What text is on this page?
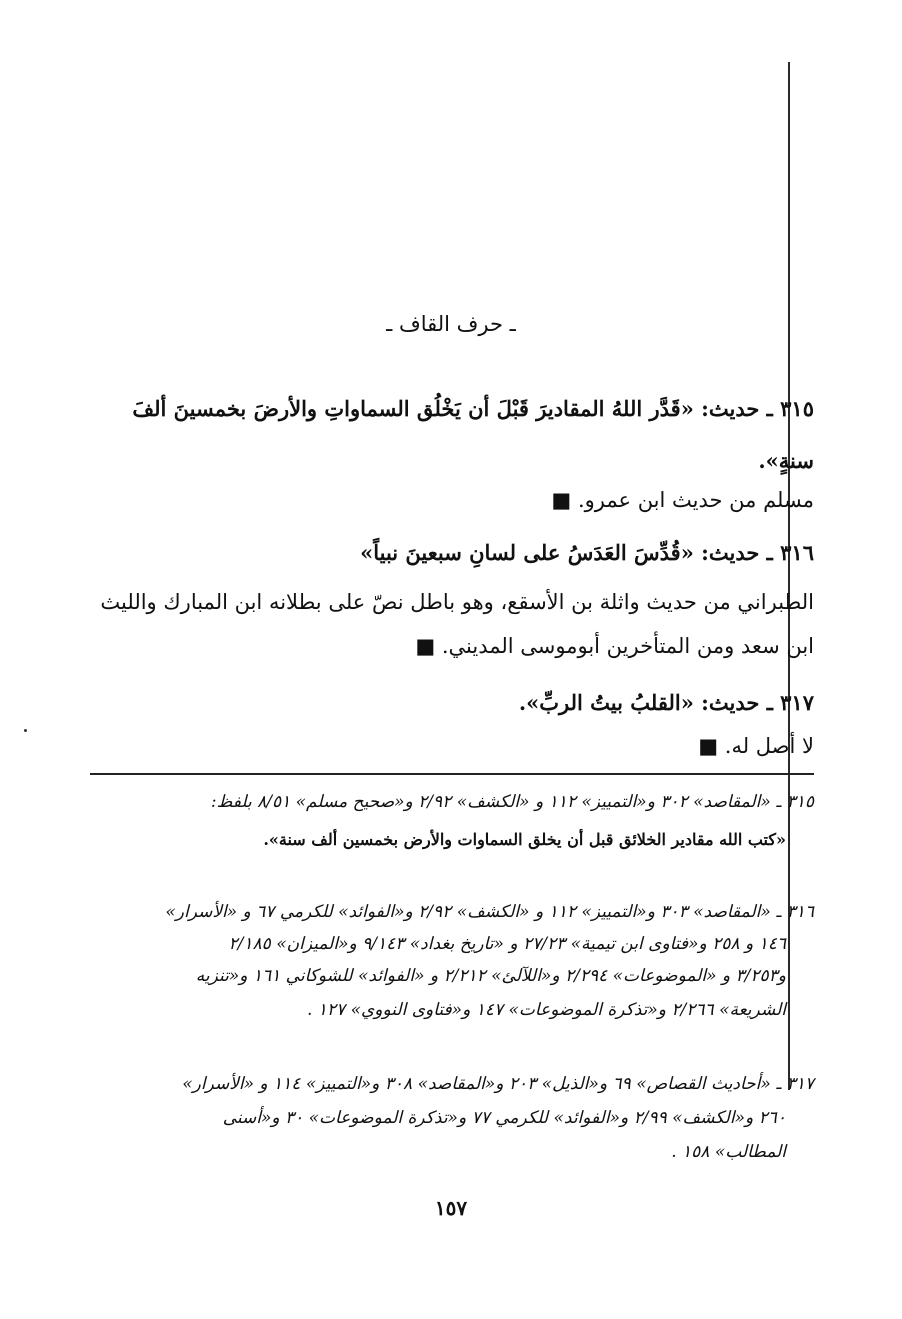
ـ حرف القاف ـ
٣١٥ ـ حديث: «قَدَّر اللهُ المقاديرَ قَبْلَ أن يَخْلُق السماواتِ والأرضَ بخمسينَ ألفَ
سنةٍ».
مسلم من حديث ابن عمرو. ■
٣١٦ ـ حديث: «قُدِّسَ العَدَسُ على لسانِ سبعينَ نبياً»
الطبراني من حديث واثلة بن الأسقع، وهو باطل نصّ على بطلانه ابن المبارك والليث
ابن سعد ومن المتأخرين أبوموسى المديني. ■
٣١٧ ـ حديث: «القلبُ بيتُ الربِّ».
لا أصل له. ■
٣١٥ ـ «المقاصد» ٣٠٢ و«التمييز» ١١٢ و «الكشف» ٢/٩٢ و«صحيح مسلم» ٨/٥١ بلفظ:
«كتب الله مقادير الخلائق قبل أن يخلق السماوات والأرض بخمسين ألف سنة».
٣١٦ ـ «المقاصد» ٣٠٣ و«التمييز» ١١٢ و «الكشف» ٢/٩٢ و«الفوائد» للكرمي ٦٧ و «الأسرار»
١٤٦ و ٢٥٨ و«فتاوى ابن تيمية» ٢٧/٢٣ و «تاريخ بغداد» ٩/١٤٣ و«الميزان» ٢/١٨٥
و٣/٢٥٣ و «الموضوعات» ٢/٢٩٤ و«اللآلئ» ٢/٢١٢ و «الفوائد» للشوكاني ١٦١ و«تنزيه
الشريعة» ٢/٢٦٦ و«تذكرة الموضوعات» ١٤٧ و«فتاوى النووي» ١٢٧ .
٣١٧ ـ «أحاديث القصاص» ٦٩ و«الذيل» ٢٠٣ و«المقاصد» ٣٠٨ و«التمييز» ١١٤ و «الأسرار»
٢٦٠ و«الكشف» ٢/٩٩ و«الفوائد» للكرمي ٧٧ و«تذكرة الموضوعات» ٣٠ و«أسنى
المطالب» ١٥٨ .
١٥٧
